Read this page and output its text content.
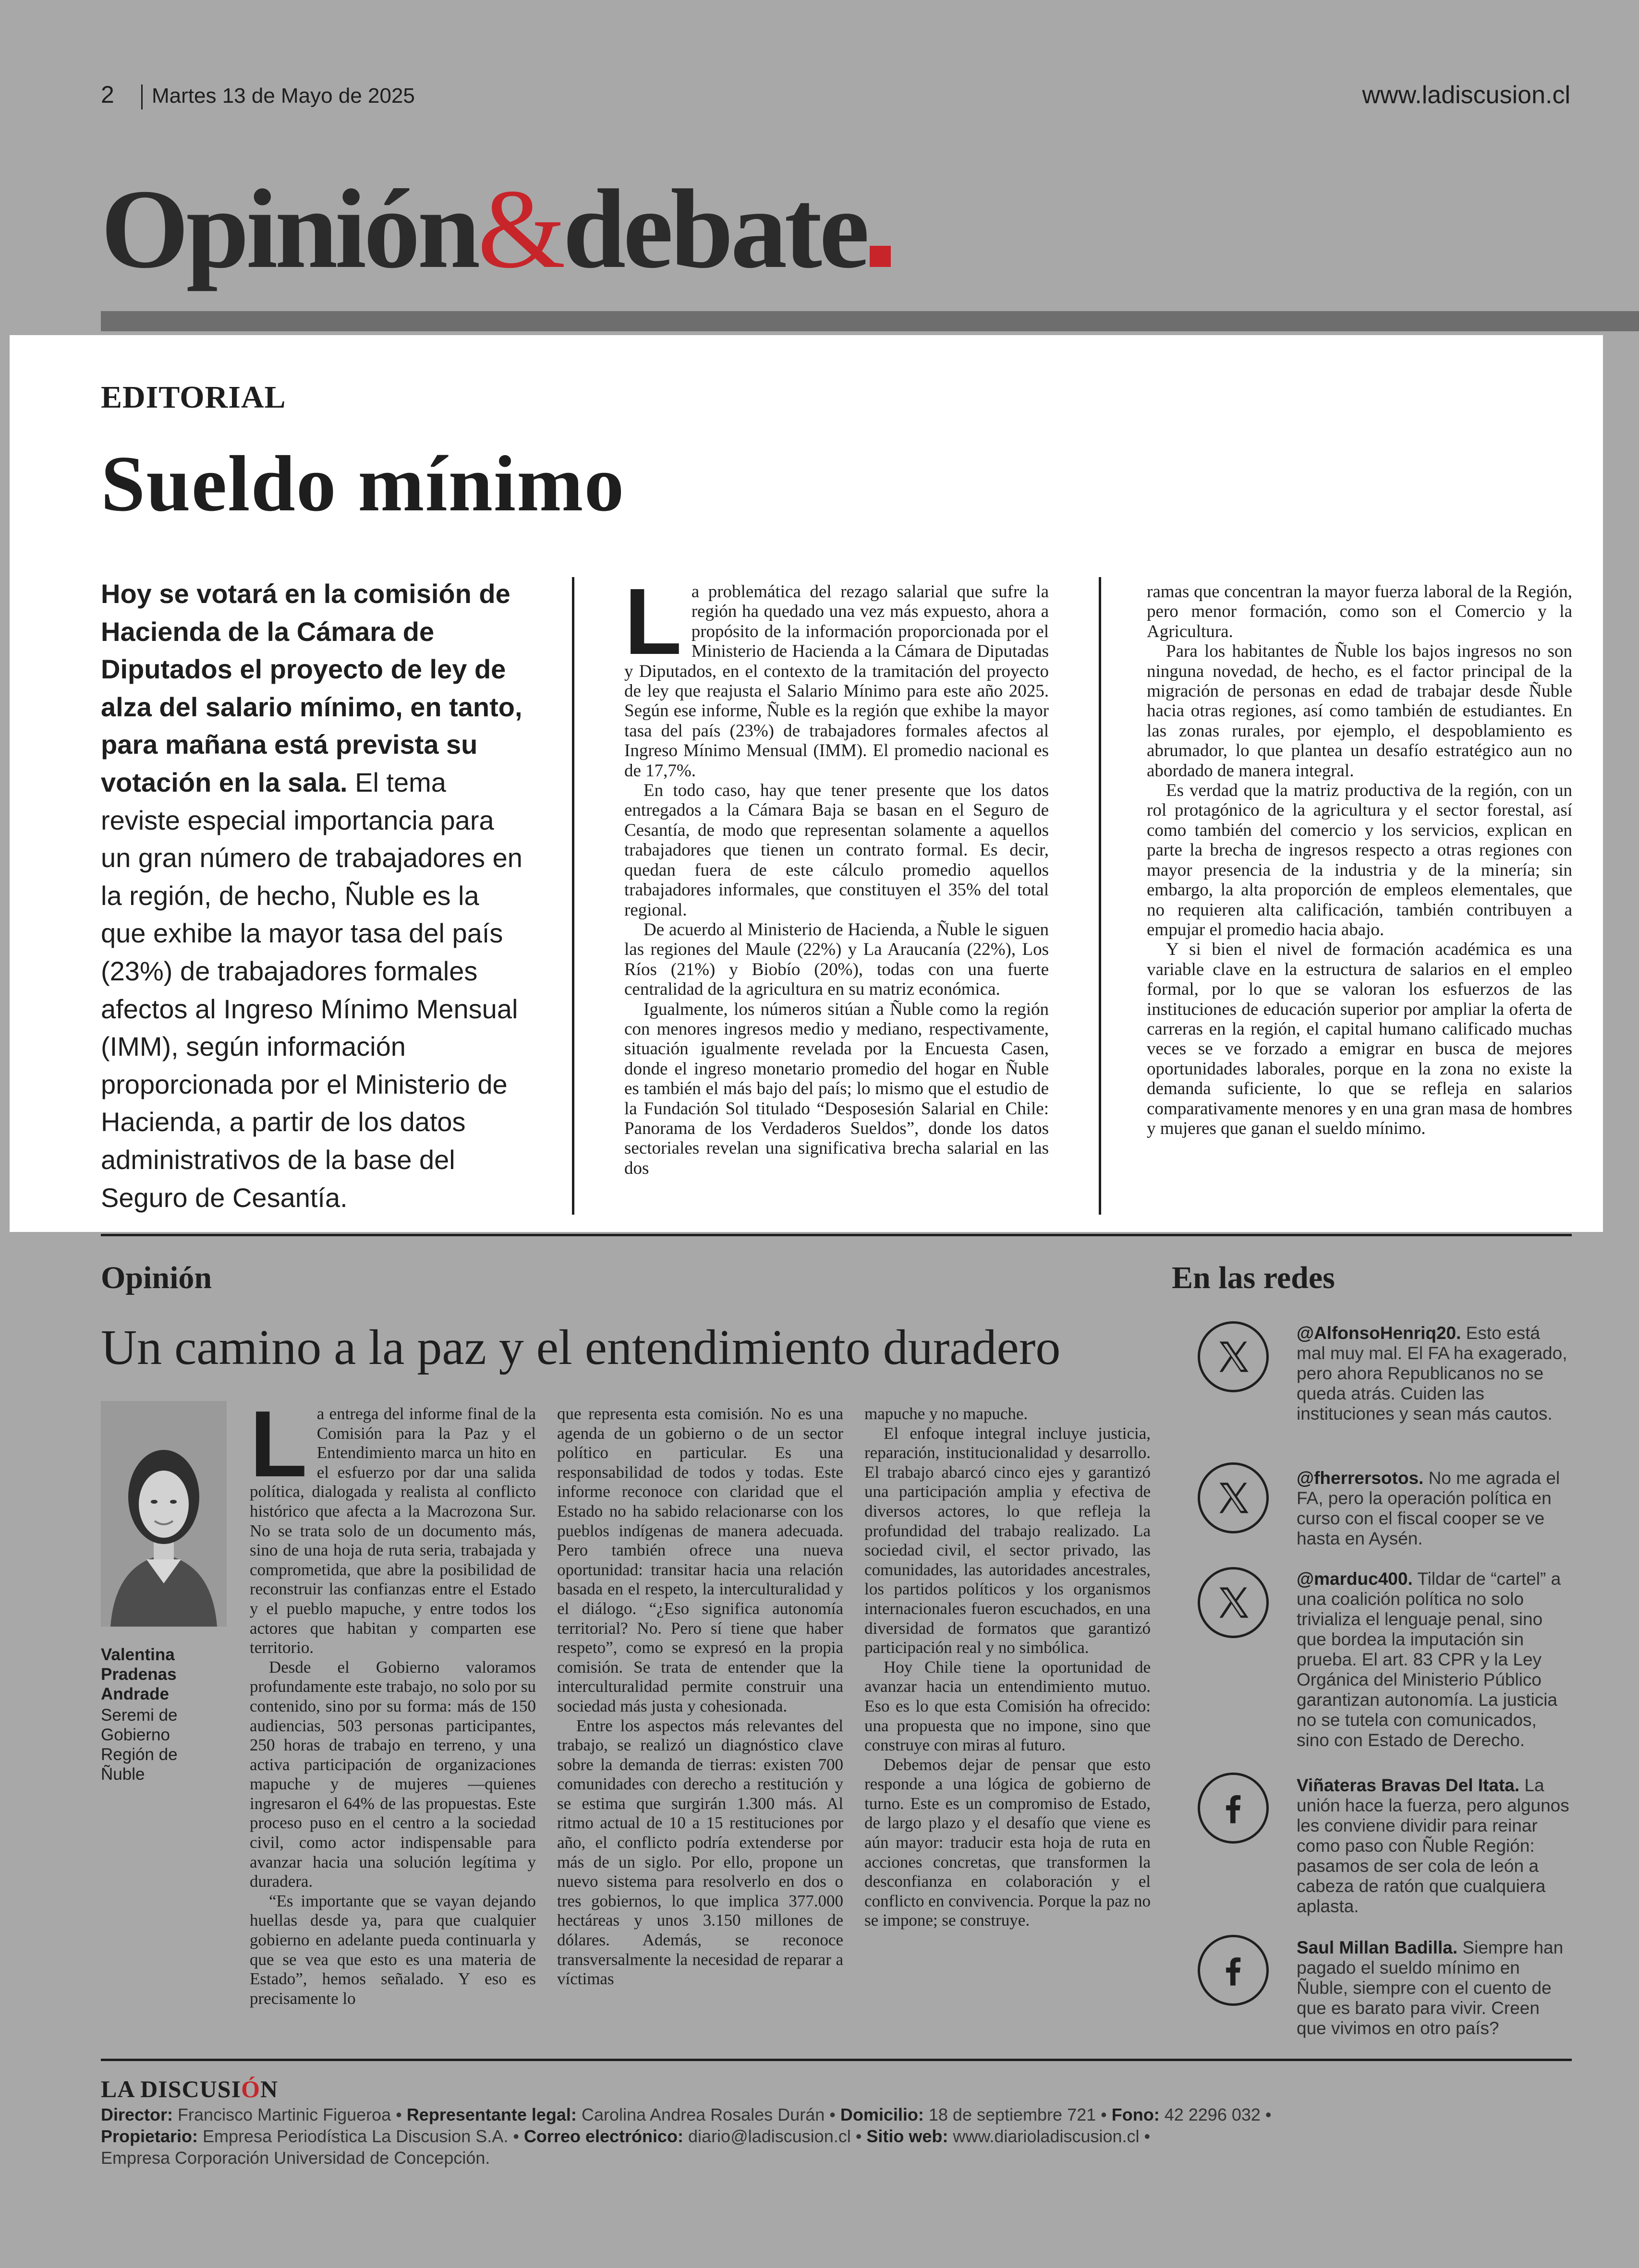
2 Martes 13 de Mayo de 2025	www.ladiscusion.cl
Opinión&debate
EDITORIAL
Sueldo mínimo
Hoy se votará en la comisión de Hacienda de la Cámara de Diputados el proyecto de ley de alza del salario mínimo, en tanto, para mañana está prevista su votación en la sala. El tema reviste especial importancia para un gran número de trabajadores en la región, de hecho, Ñuble es la que exhibe la mayor tasa del país (23%) de trabajadores formales afectos al Ingreso Mínimo Mensual (IMM), según información proporcionada por el Ministerio de Hacienda, a partir de los datos administrativos de la base del Seguro de Cesantía.

La problemática del rezago salarial que sufre la región ha quedado una vez más expuesto, ahora a propósito de la información proporcionada por el Ministerio de Hacienda a la Cámara de Diputadas y Diputados, en el contexto de la tramitación del proyecto de ley que reajusta el Salario Mínimo para este año 2025. Según ese informe, Ñuble es la región que exhibe la mayor tasa del país (23%) de trabajadores formales afectos al Ingreso Mínimo Mensual (IMM). El promedio nacional es de 17,7%.

En todo caso, hay que tener presente que los datos entregados a la Cámara Baja se basan en el Seguro de Cesantía, de modo que representan solamente a aquellos trabajadores que tienen un contrato formal. Es decir, quedan fuera de este cálculo promedio aquellos trabajadores informales, que constituyen el 35% del total regional.

De acuerdo al Ministerio de Hacienda, a Ñuble le siguen las regiones del Maule (22%) y La Araucanía (22%), Los Ríos (21%) y Biobío (20%), todas con una fuerte centralidad de la agricultura en su matriz económica.

Igualmente, los números sitúan a Ñuble como la región con menores ingresos medio y mediano, respectivamente, situación igualmente revelada por la Encuesta Casen, donde el ingreso monetario promedio del hogar en Ñuble es también el más bajo del país; lo mismo que el estudio de la Fundación Sol titulado “Desposesión Salarial en Chile: Panorama de los Verdaderos Sueldos”, donde los datos sectoriales revelan una significativa brecha salarial en las dos

ramas que concentran la mayor fuerza laboral de la Región, pero menor formación, como son el Comercio y la Agricultura.

Para los habitantes de Ñuble los bajos ingresos no son ninguna novedad, de hecho, es el factor principal de la migración de personas en edad de trabajar desde Ñuble hacia otras regiones, así como también de estudiantes. En las zonas rurales, por ejemplo, el despoblamiento es abrumador, lo que plantea un desafío estratégico aun no abordado de manera integral.

Es verdad que la matriz productiva de la región, con un rol protagónico de la agricultura y el sector forestal, así como también del comercio y los servicios, explican en parte la brecha de ingresos respecto a otras regiones con mayor presencia de la industria y de la minería; sin embargo, la alta proporción de empleos elementales, que no requieren alta calificación, también contribuyen a empujar el promedio hacia abajo.

Y si bien el nivel de formación académica es una variable clave en la estructura de salarios en el empleo formal, por lo que se valoran los esfuerzos de las instituciones de educación superior por ampliar la oferta de carreras en la región, el capital humano calificado muchas veces se ve forzado a emigrar en busca de mejores oportunidades laborales, porque en la zona no existe la demanda suficiente, lo que se refleja en salarios comparativamente menores y en una gran masa de hombres y mujeres que ganan el sueldo mínimo.

Opinión
Un camino a la paz y el entendimiento duradero
Valentina Pradenas Andrade
Seremi de Gobierno Región de Ñuble

La entrega del informe final de la Comisión para la Paz y el Entendimiento marca un hito en el esfuerzo por dar una salida política, dialogada y realista al conflicto histórico que afecta a la Macrozona Sur. No se trata solo de un documento más, sino de una hoja de ruta seria, trabajada y comprometida, que abre la posibilidad de reconstruir las confianzas entre el Estado y el pueblo mapuche, y entre todos los actores que habitan y comparten ese territorio.

Desde el Gobierno valoramos profundamente este trabajo, no solo por su contenido, sino por su forma: más de 150 audiencias, 503 personas participantes, 250 horas de trabajo en terreno, y una activa participación de organizaciones mapuche y de mujeres —quienes ingresaron el 64% de las propuestas. Este proceso puso en el centro a la sociedad civil, como actor indispensable para avanzar hacia una solución legítima y duradera.

“Es importante que se vayan dejando huellas desde ya, para que cualquier gobierno en adelante pueda continuarla y que se vea que esto es una materia de Estado”, hemos señalado. Y eso es precisamente lo

que representa esta comisión. No es una agenda de un gobierno o de un sector político en particular. Es una responsabilidad de todos y todas. Este informe reconoce con claridad que el Estado no ha sabido relacionarse con los pueblos indígenas de manera adecuada. Pero también ofrece una nueva oportunidad: transitar hacia una relación basada en el respeto, la interculturalidad y el diálogo. “¿Eso significa autonomía territorial? No. Pero sí tiene que haber respeto”, como se expresó en la propia comisión. Se trata de entender que la interculturalidad permite construir una sociedad más justa y cohesionada.

Entre los aspectos más relevantes del trabajo, se realizó un diagnóstico clave sobre la demanda de tierras: existen 700 comunidades con derecho a restitución y se estima que surgirán 1.300 más. Al ritmo actual de 10 a 15 restituciones por año, el conflicto podría extenderse por más de un siglo. Por ello, propone un nuevo sistema para resolverlo en dos o tres gobiernos, lo que implica 377.000 hectáreas y unos 3.150 millones de dólares. Además, se reconoce transversalmente la necesidad de reparar a víctimas

mapuche y no mapuche.

El enfoque integral incluye justicia, reparación, institucionalidad y desarrollo. El trabajo abarcó cinco ejes y garantizó una participación amplia y efectiva de diversos actores, lo que refleja la profundidad del trabajo realizado. La sociedad civil, el sector privado, las comunidades, las autoridades ancestrales, los partidos políticos y los organismos internacionales fueron escuchados, en una diversidad de formatos que garantizó participación real y no simbólica.

Hoy Chile tiene la oportunidad de avanzar hacia un entendimiento mutuo. Eso es lo que esta Comisión ha ofrecido: una propuesta que no impone, sino que construye con miras al futuro.

Debemos dejar de pensar que esto responde a una lógica de gobierno de turno. Este es un compromiso de Estado, de largo plazo y el desafío que viene es aún mayor: traducir esta hoja de ruta en acciones concretas, que transformen la desconfianza en colaboración y el conflicto en convivencia. Porque la paz no se impone; se construye.

En las redes
@AlfonsoHenriq20. Esto está mal muy mal. El FA ha exagerado, pero ahora Republicanos no se queda atrás. Cuiden las instituciones y sean más cautos.
@fherrersotos. No me agrada el FA, pero la operación política en curso con el fiscal cooper se ve hasta en Aysén.
@marduc400. Tildar de “cartel” a una coalición política no solo trivializa el lenguaje penal, sino que bordea la imputación sin prueba. El art. 83 CPR y la Ley Orgánica del Ministerio Público garantizan autonomía. La justicia no se tutela con comunicados, sino con Estado de Derecho.
Viñateras Bravas Del Itata. La unión hace la fuerza, pero algunos les conviene dividir para reinar como paso con Ñuble Región: pasamos de ser cola de león a cabeza de ratón que cualquiera aplasta.
Saul Millan Badilla. Siempre han pagado el sueldo mínimo en Ñuble, siempre con el cuento de que es barato para vivir. Creen que vivimos en otro país?
LA DISCUSIÓN
Director: Francisco Martinic Figueroa • Representante legal: Carolina Andrea Rosales Durán • Domicilio: 18 de septiembre 721 • Fono: 42 2296 032 •
Propietario: Empresa Periodística La Discusion S.A. • Correo electrónico: diario@ladiscusion.cl • Sitio web: www.diarioladiscusion.cl •
Empresa Corporación Universidad de Concepción.
